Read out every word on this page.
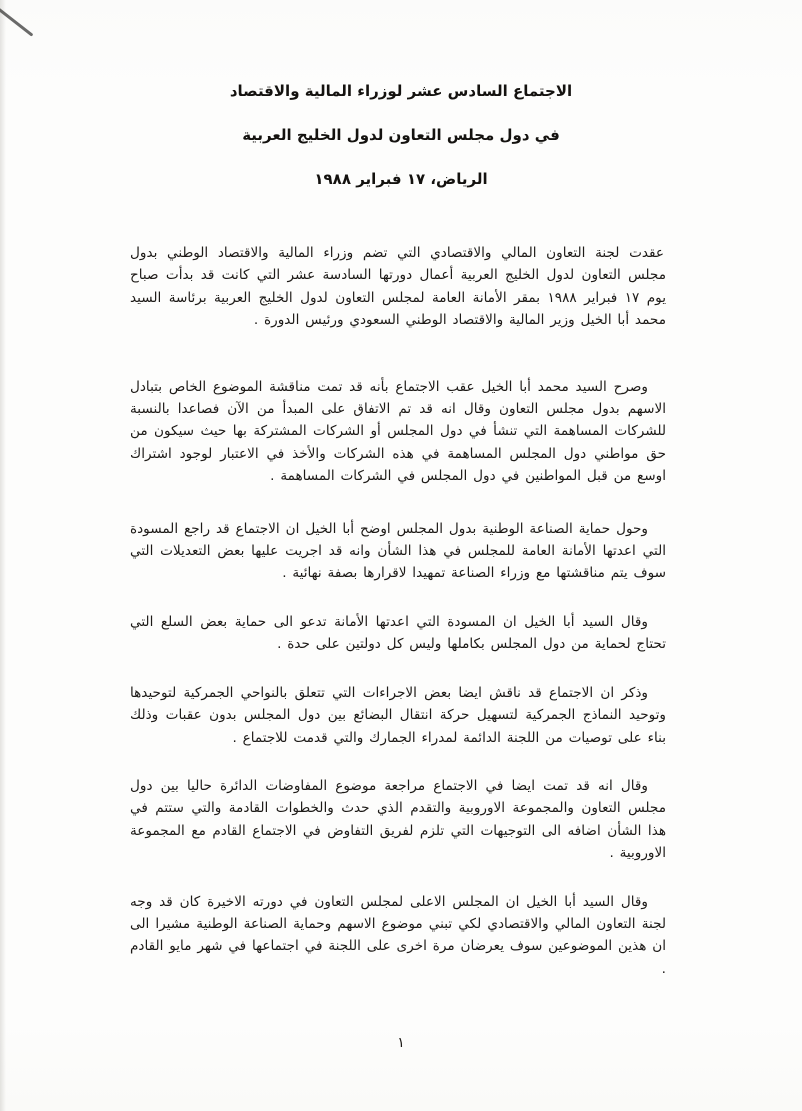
الاجتماع السادس عشر لوزراء المالية والاقتصاد
في دول مجلس التعاون لدول الخليج العربية
الرياض، ١٧ فبراير ١٩٨٨

عقدت لجنة التعاون المالي والاقتصادي التي تضم وزراء المالية والاقتصاد الوطني بدول مجلس التعاون لدول الخليج العربية أعمال دورتها السادسة عشر التي كانت قد بدأت صباح يوم ١٧ فبراير ١٩٨٨ بمقر الأمانة العامة لمجلس التعاون لدول الخليج العربية برئاسة السيد محمد أبا الخيل وزير المالية والاقتصاد الوطني السعودي ورئيس الدورة .

وصرح السيد محمد أبا الخيل عقب الاجتماع بأنه قد تمت مناقشة الموضوع الخاص بتبادل الاسهم بدول مجلس التعاون وقال انه قد تم الاتفاق على المبدأ من الآن فصاعدا بالنسبة للشركات المساهمة التي تنشأ في دول المجلس أو الشركات المشتركة بها حيث سيكون من حق مواطني دول المجلس المساهمة في هذه الشركات والأخذ في الاعتبار لوجود اشتراك اوسع من قبل المواطنين في دول المجلس في الشركات المساهمة .

وحول حماية الصناعة الوطنية بدول المجلس اوضح أبا الخيل ان الاجتماع قد راجع المسودة التي اعدتها الأمانة العامة للمجلس في هذا الشأن وانه قد اجريت عليها بعض التعديلات التي سوف يتم مناقشتها مع وزراء الصناعة تمهيدا لاقرارها بصفة نهائية .

وقال السيد أبا الخيل ان المسودة التي اعدتها الأمانة تدعو الى حماية بعض السلع التي تحتاج لحماية من دول المجلس بكاملها وليس كل دولتين على حدة .

وذكر ان الاجتماع قد ناقش ايضا بعض الاجراءات التي تتعلق بالنواحي الجمركية لتوحيدها وتوحيد النماذج الجمركية لتسهيل حركة انتقال البضائع بين دول المجلس بدون عقبات وذلك بناء على توصيات من اللجنة الدائمة لمدراء الجمارك والتي قدمت للاجتماع .

وقال انه قد تمت ايضا في الاجتماع مراجعة موضوع المفاوضات الدائرة حاليا بين دول مجلس التعاون والمجموعة الاوروبية والتقدم الذي حدث والخطوات القادمة والتي ستتم في هذا الشأن اضافه الى التوجيهات التي تلزم لفريق التفاوض في الاجتماع القادم مع المجموعة الاوروبية .

وقال السيد أبا الخيل ان المجلس الاعلى لمجلس التعاون في دورته الاخيرة كان قد وجه لجنة التعاون المالي والاقتصادي لكي تبني موضوع الاسهم وحماية الصناعة الوطنية مشيرا الى ان هذين الموضوعين سوف يعرضان مرة اخرى على اللجنة في اجتماعها في شهر مايو القادم .

١
